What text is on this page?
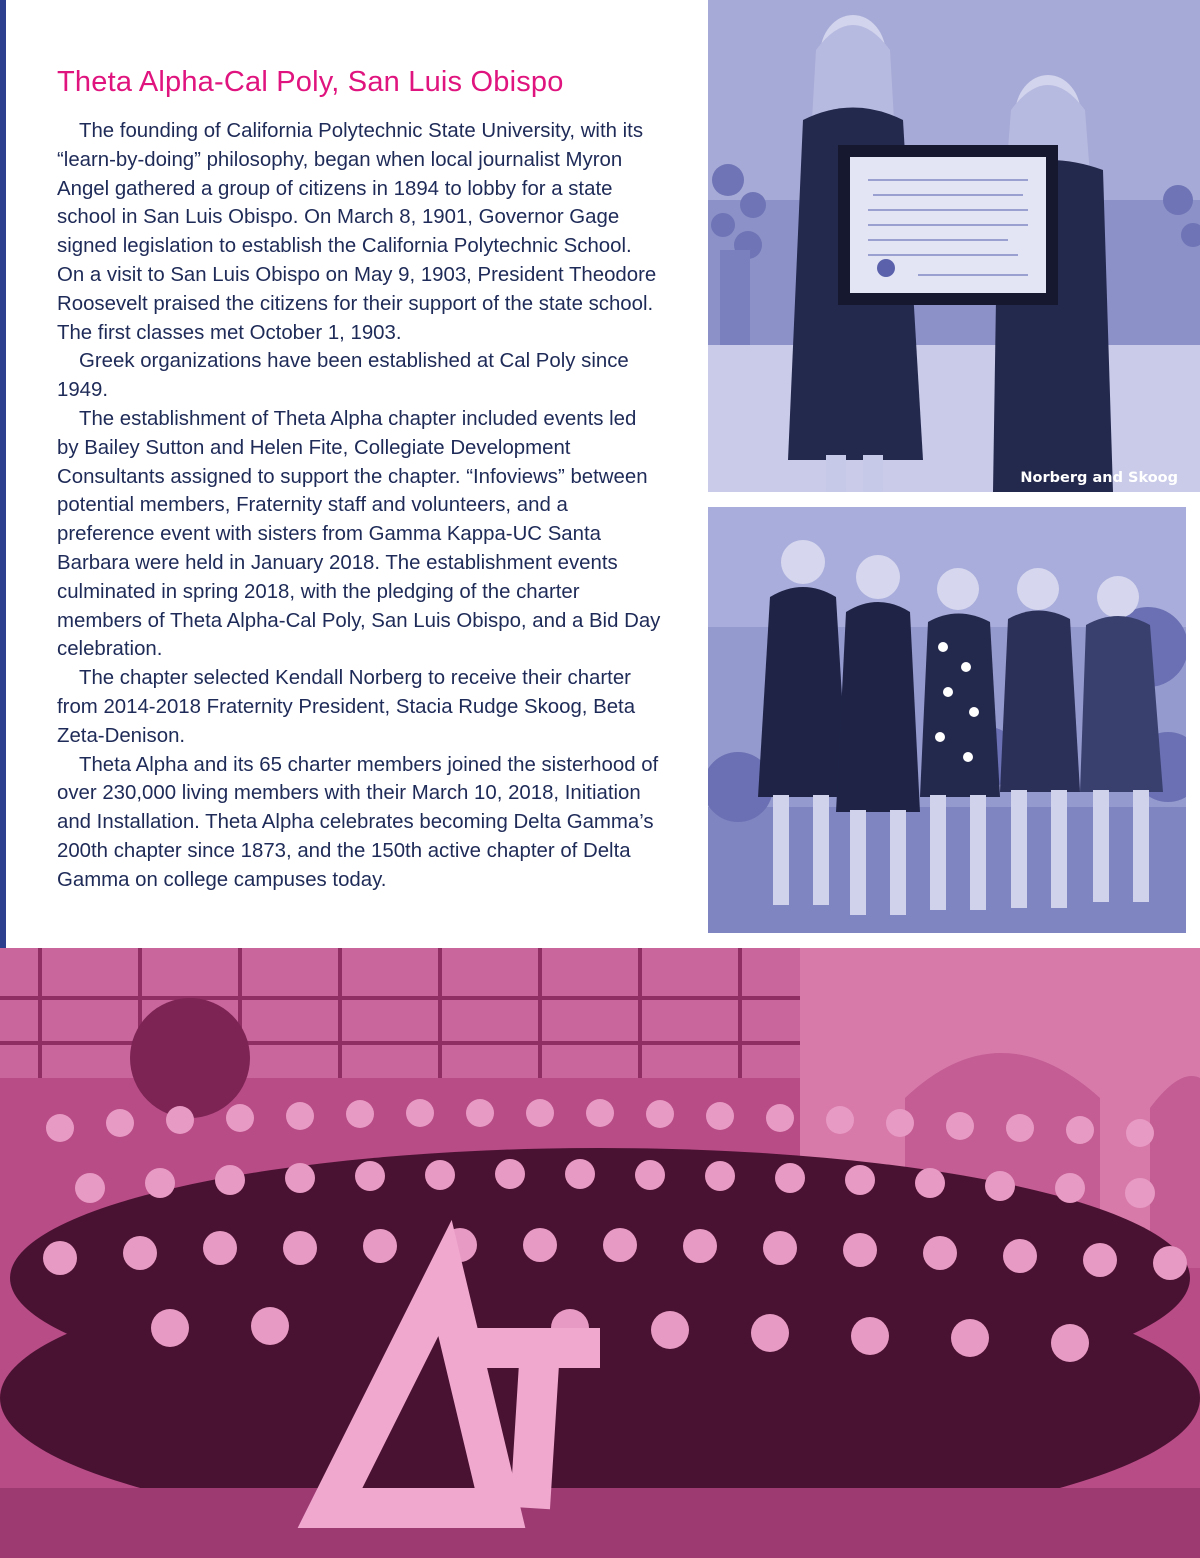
Theta Alpha-Cal Poly, San Luis Obispo

The founding of California Polytechnic State University, with its “learn-by-doing” philosophy, began when local journalist Myron Angel gathered a group of citizens in 1894 to lobby for a state school in San Luis Obispo. On March 8, 1901, Governor Gage signed legislation to establish the California Polytechnic School. On a visit to San Luis Obispo on May 9, 1903, President Theodore Roosevelt praised the citizens for their support of the state school. The first classes met October 1, 1903.

Greek organizations have been established at Cal Poly since 1949.

The establishment of Theta Alpha chapter included events led by Bailey Sutton and Helen Fite, Collegiate Development Consultants assigned to support the chapter. “Infoviews” between potential members, Fraternity staff and volunteers, and a preference event with sisters from Gamma Kappa-UC Santa Barbara were held in January 2018. The establishment events culminated in spring 2018, with the pledging of the charter members of Theta Alpha-Cal Poly, San Luis Obispo, and a Bid Day celebration.

The chapter selected Kendall Norberg to receive their charter from 2014-2018 Fraternity President, Stacia Rudge Skoog, Beta Zeta-Denison.

Theta Alpha and its 65 charter members joined the sisterhood of over 230,000 living members with their March 10, 2018, Initiation and Installation. Theta Alpha celebrates becoming Delta Gamma’s 200th chapter since 1873, and the 150th active chapter of Delta Gamma on college campuses today.

Norberg and Skoog
